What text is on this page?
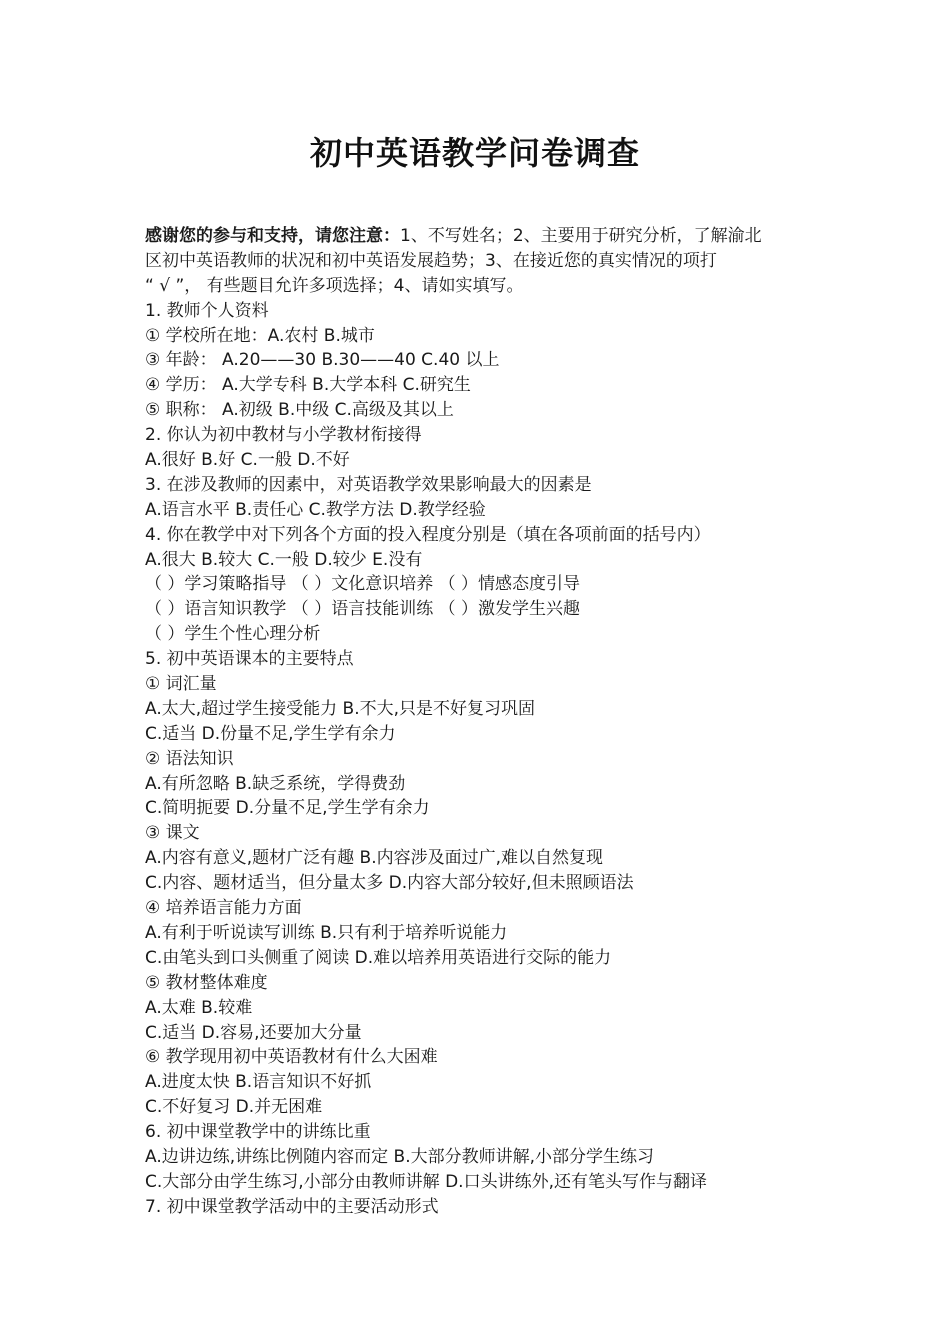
初中英语教学问卷调查
感谢您的参与和支持，请您注意：1、不写姓名；2、主要用于研究分析，了解渝北
区初中英语教师的状况和初中英语发展趋势；3、在接近您的真实情况的项打
“ √ ”， 有些题目允许多项选择；4、请如实填写。
1. 教师个人资料
① 学校所在地：A.农村 B.城市
③ 年龄： A.20——30 B.30——40 C.40 以上
④ 学历： A.大学专科 B.大学本科 C.研究生
⑤ 职称： A.初级 B.中级 C.高级及其以上
2. 你认为初中教材与小学教材衔接得
A.很好 B.好 C.一般 D.不好
3. 在涉及教师的因素中，对英语教学效果影响最大的因素是
A.语言水平 B.责任心 C.教学方法 D.教学经验
4. 你在教学中对下列各个方面的投入程度分别是（填在各项前面的括号内）
A.很大 B.较大 C.一般 D.较少 E.没有
（ ）学习策略指导 （ ）文化意识培养 （ ）情感态度引导
（ ）语言知识教学 （ ）语言技能训练 （ ）激发学生兴趣
（ ）学生个性心理分析
5. 初中英语课本的主要特点
① 词汇量
A.太大,超过学生接受能力 B.不大,只是不好复习巩固
C.适当 D.份量不足,学生学有余力
② 语法知识
A.有所忽略 B.缺乏系统，学得费劲
C.简明扼要 D.分量不足,学生学有余力
③ 课文
A.内容有意义,题材广泛有趣 B.内容涉及面过广,难以自然复现
C.内容、题材适当，但分量太多 D.内容大部分较好,但未照顾语法
④ 培养语言能力方面
A.有利于听说读写训练 B.只有利于培养听说能力
C.由笔头到口头侧重了阅读 D.难以培养用英语进行交际的能力
⑤ 教材整体难度
A.太难 B.较难
C.适当 D.容易,还要加大分量
⑥ 教学现用初中英语教材有什么大困难
A.进度太快 B.语言知识不好抓
C.不好复习 D.并无困难
6. 初中课堂教学中的讲练比重
A.边讲边练,讲练比例随内容而定 B.大部分教师讲解,小部分学生练习
C.大部分由学生练习,小部分由教师讲解 D.口头讲练外,还有笔头写作与翻译
7. 初中课堂教学活动中的主要活动形式
